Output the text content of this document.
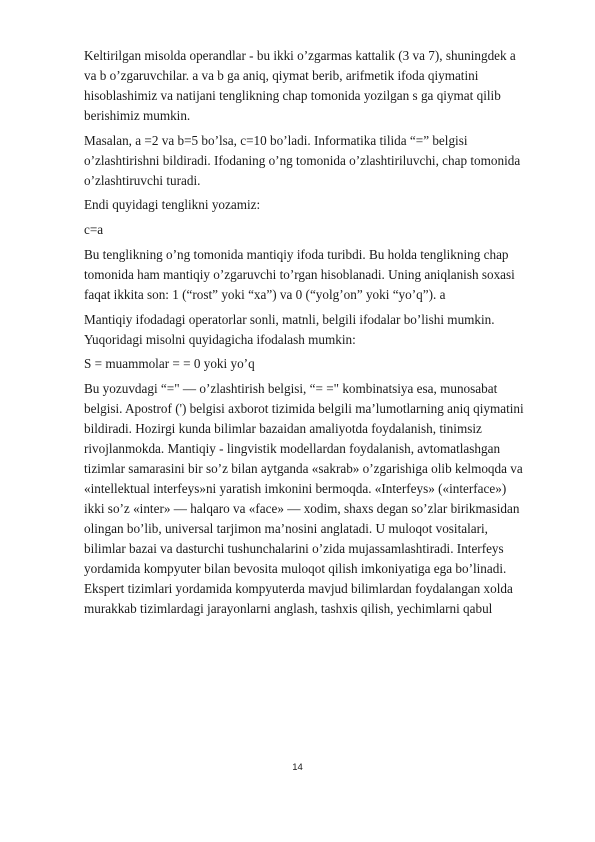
Keltirilgan misolda operandlar - bu ikki o’zgarmas kattalik (3 va 7), shuningdek a
va b o’zgaruvchilar. a va b ga aniq, qiymat berib, arifmetik ifoda qiymatini
hisoblashimiz va natijani tenglikning chap tomonida yozilgan s ga qiymat qilib
berishimiz mumkin.
Masalan, a =2 va b=5 bo’lsa, c=10 bo’ladi. Informatika tilida “=” belgisi
o’zlashtirishni bildiradi. Ifodaning o’ng tomonida o’zlashtiriluvchi, chap tomonida
o’zlashtiruvchi turadi.
Endi quyidagi tenglikni yozamiz:
c=a
Bu tenglikning o’ng tomonida mantiqiy ifoda turibdi. Bu holda tenglikning chap
tomonida ham mantiqiy o’zgaruvchi to’rgan hisoblanadi. Uning aniqlanish soxasi
faqat ikkita son: 1 (“rost” yoki “xa”) va 0 (“yolg’on” yoki “yo’q”). a
Mantiqiy ifodadagi operatorlar sonli, matnli, belgili ifodalar bo’lishi mumkin.
Yuqoridagi misolni quyidagicha ifodalash mumkin:
S = muammolar = = 0 yoki yo’q
Bu yozuvdagi “=" — o’zlashtirish belgisi, “= =" kombinatsiya esa, munosabat
belgisi. Apostrof (') belgisi axborot tizimida belgili ma’lumotlarning aniq qiymatini
bildiradi. Hozirgi kunda bilimlar bazaidan amaliyotda foydalanish, tinimsiz
rivojlanmokda. Mantiqiy - lingvistik modellardan foydalanish, avtomatlashgan
tizimlar samarasini bir so’z bilan aytganda «sakrab» o’zgarishiga olib kelmoqda va
«intellektual interfeys»ni yaratish imkonini bermoqda. «Interfeys» («interface»)
ikki so’z «inter» — halqaro va «face» — xodim, shaxs degan so’zlar birikmasidan
olingan bo’lib, universal tarjimon ma’nosini anglatadi. U muloqot vositalari,
bilimlar bazai va dasturchi tushunchalarini o’zida mujassamlashtiradi. Interfeys
yordamida kompyuter bilan bevosita muloqot qilish imkoniyatiga ega bo’linadi.
Ekspert tizimlari yordamida kompyuterda mavjud bilimlardan foydalangan xolda
murakkab tizimlardagi jarayonlarni anglash, tashxis qilish, yechimlarni qabul
14
